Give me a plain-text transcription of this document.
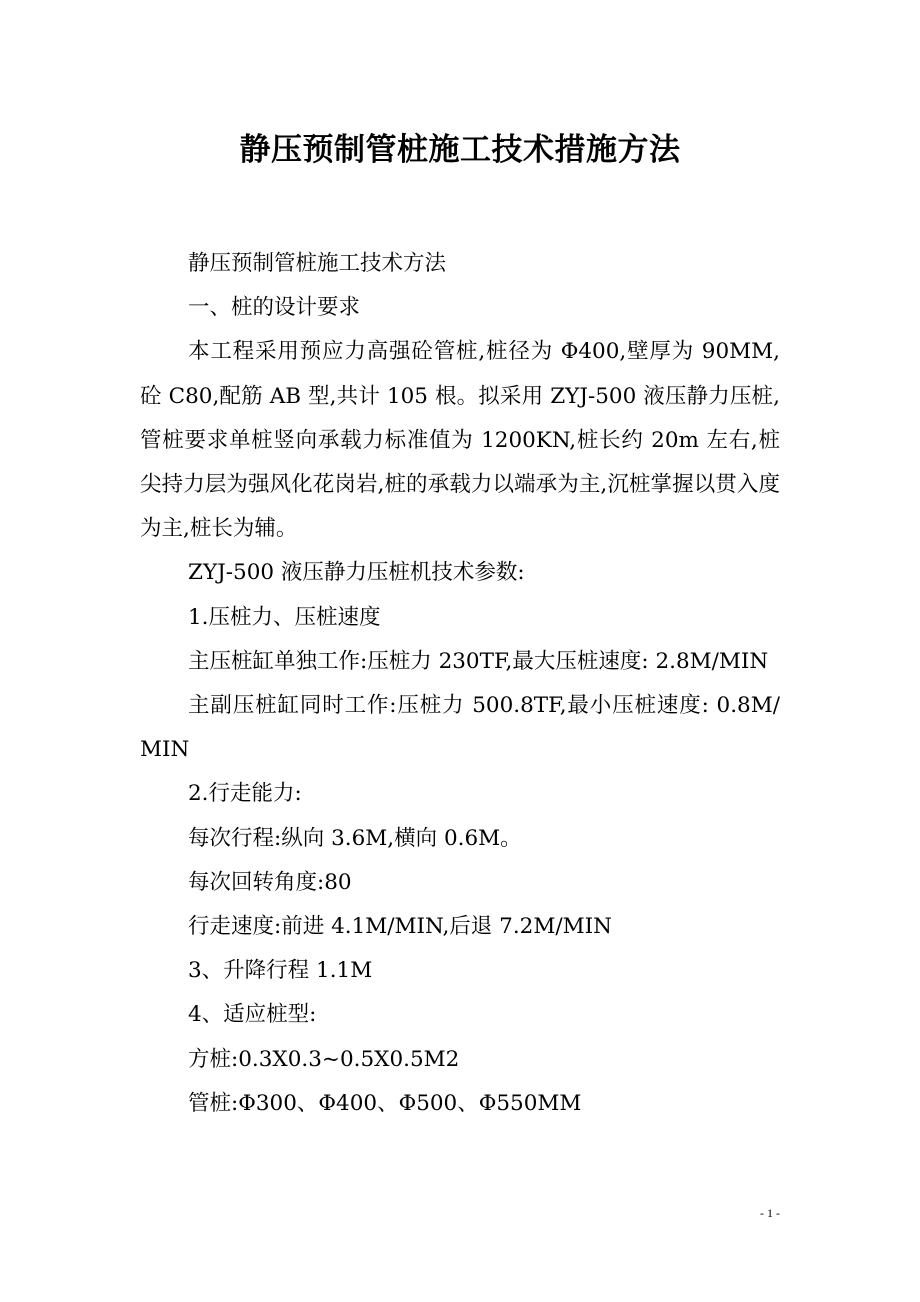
静压预制管桩施工技术措施方法

静压预制管桩施工技术方法

一、桩的设计要求

本工程采用预应力高强砼管桩,桩径为 Φ400,壁厚为 90MM,砼 C80,配筋 AB 型,共计 105 根。拟采用 ZYJ-500 液压静力压桩,管桩要求单桩竖向承载力标准值为 1200KN,桩长约 20m 左右,桩尖持力层为强风化花岗岩,桩的承载力以端承为主,沉桩掌握以贯入度为主,桩长为辅。

ZYJ-500 液压静力压桩机技术参数:

1.压桩力、压桩速度

主压桩缸单独工作:压桩力 230TF,最大压桩速度: 2.8M/MIN

主副压桩缸同时工作:压桩力 500.8TF,最小压桩速度: 0.8M/MIN

2.行走能力:

每次行程:纵向 3.6M,横向 0.6M。

每次回转角度:80

行走速度:前进 4.1M/MIN,后退 7.2M/MIN

3、升降行程 1.1M

4、适应桩型:

方桩:0.3X0.3~0.5X0.5M2

管桩:Φ300、Φ400、Φ500、Φ550MM

- 1 -
